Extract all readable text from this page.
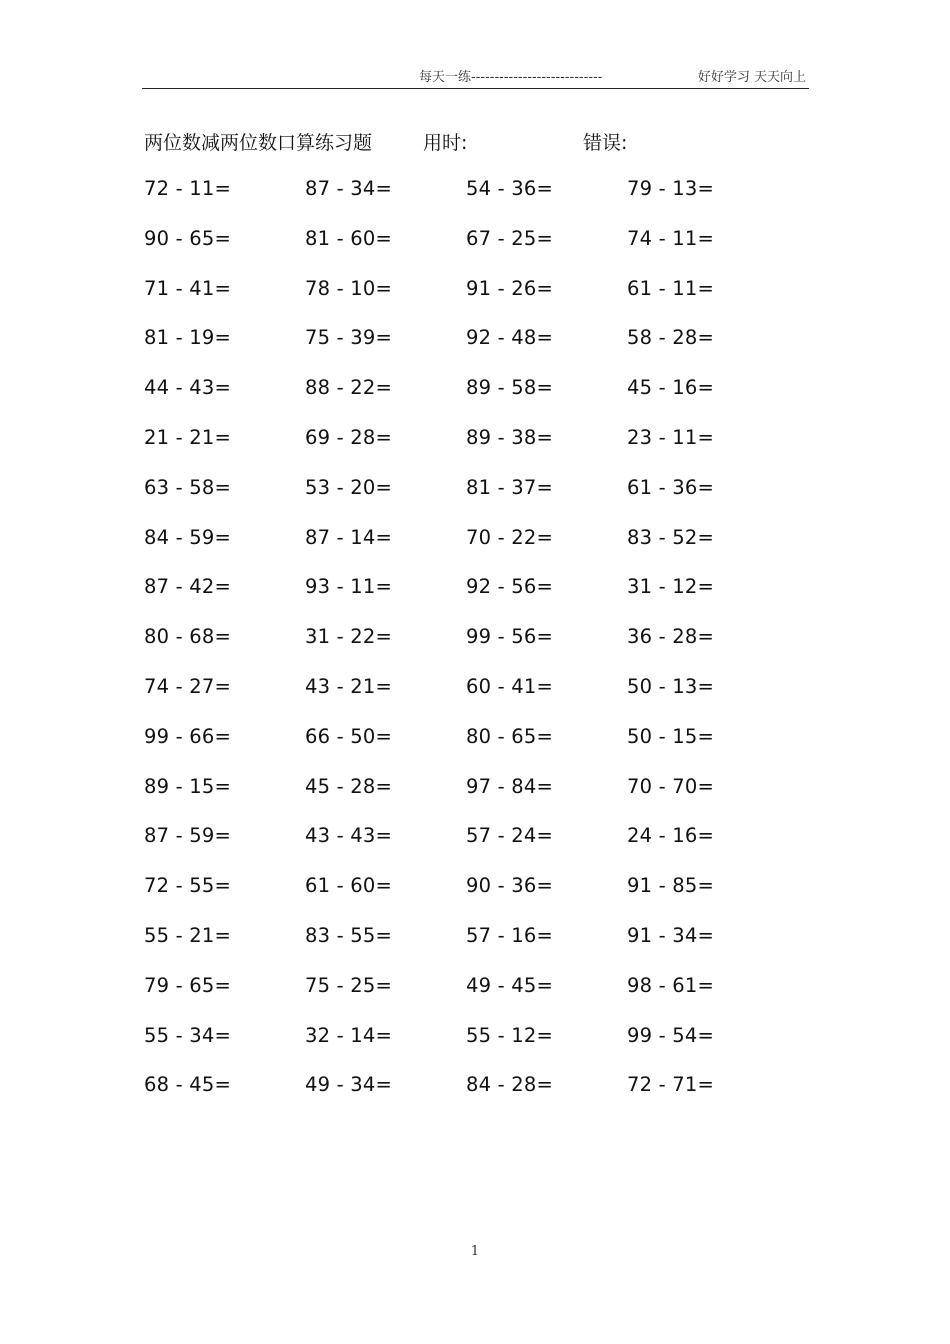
每天一练----------------------------	好好学习 天天向上
两位数减两位数口算练习题	用时:	错误:
72 - 11=	87 - 34=	54 - 36=	79 - 13=
90 - 65=	81 - 60=	67 - 25=	74 - 11=
71 - 41=	78 - 10=	91 - 26=	61 - 11=
81 - 19=	75 - 39=	92 - 48=	58 - 28=
44 - 43=	88 - 22=	89 - 58=	45 - 16=
21 - 21=	69 - 28=	89 - 38=	23 - 11=
63 - 58=	53 - 20=	81 - 37=	61 - 36=
84 - 59=	87 - 14=	70 - 22=	83 - 52=
87 - 42=	93 - 11=	92 - 56=	31 - 12=
80 - 68=	31 - 22=	99 - 56=	36 - 28=
74 - 27=	43 - 21=	60 - 41=	50 - 13=
99 - 66=	66 - 50=	80 - 65=	50 - 15=
89 - 15=	45 - 28=	97 - 84=	70 - 70=
87 - 59=	43 - 43=	57 - 24=	24 - 16=
72 - 55=	61 - 60=	90 - 36=	91 - 85=
55 - 21=	83 - 55=	57 - 16=	91 - 34=
79 - 65=	75 - 25=	49 - 45=	98 - 61=
55 - 34=	32 - 14=	55 - 12=	99 - 54=
68 - 45=	49 - 34=	84 - 28=	72 - 71=
1
